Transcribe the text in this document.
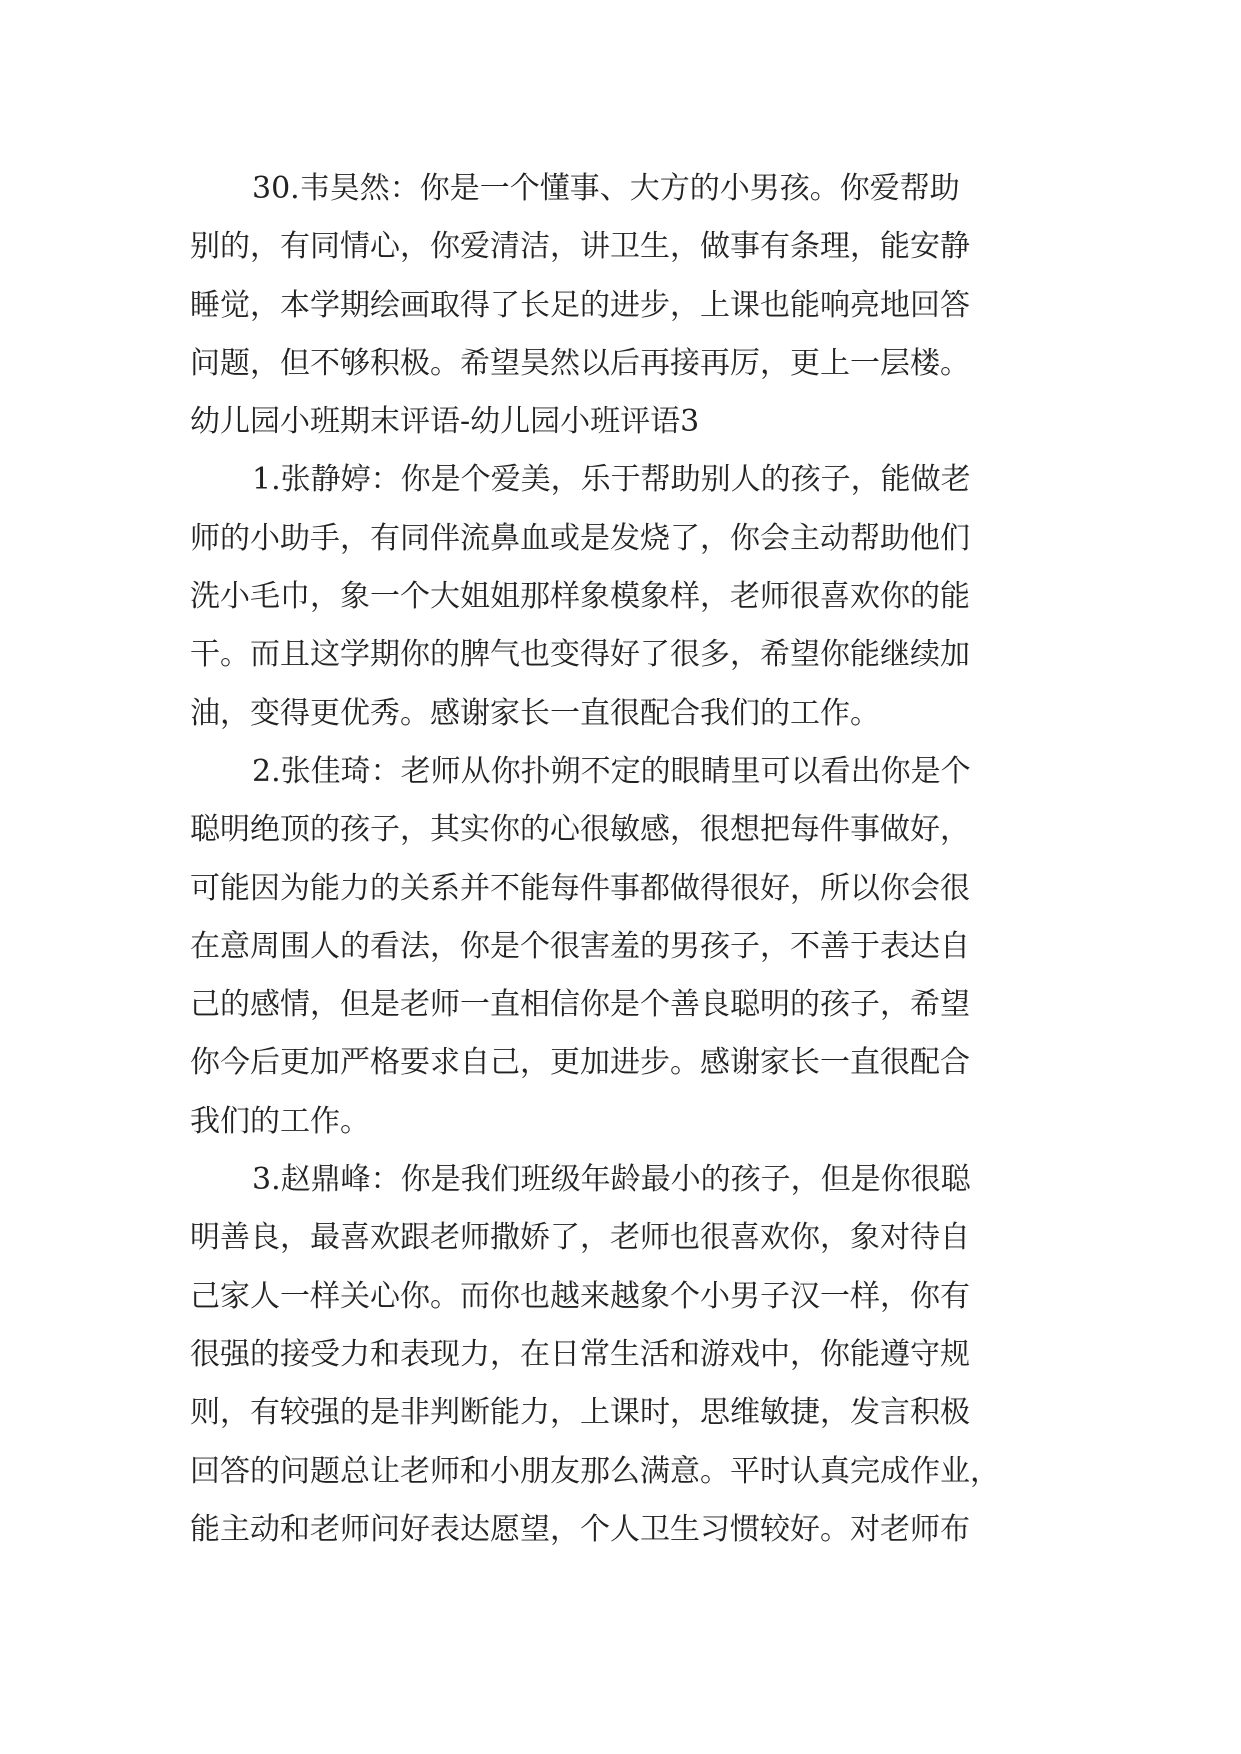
30.韦昊然：你是一个懂事、大方的小男孩。你爱帮助
别的，有同情心，你爱清洁，讲卫生，做事有条理，能安静
睡觉，本学期绘画取得了长足的进步，上课也能响亮地回答
问题，但不够积极。希望昊然以后再接再厉，更上一层楼。
幼儿园小班期末评语-幼儿园小班评语3
1.张静婷：你是个爱美，乐于帮助别人的孩子，能做老
师的小助手，有同伴流鼻血或是发烧了，你会主动帮助他们
洗小毛巾，象一个大姐姐那样象模象样，老师很喜欢你的能
干。而且这学期你的脾气也变得好了很多，希望你能继续加
油，变得更优秀。感谢家长一直很配合我们的工作。
2.张佳琦：老师从你扑朔不定的眼睛里可以看出你是个
聪明绝顶的孩子，其实你的心很敏感，很想把每件事做好，
可能因为能力的关系并不能每件事都做得很好，所以你会很
在意周围人的看法，你是个很害羞的男孩子，不善于表达自
己的感情，但是老师一直相信你是个善良聪明的孩子，希望
你今后更加严格要求自己，更加进步。感谢家长一直很配合
我们的工作。
3.赵鼎峰：你是我们班级年龄最小的孩子，但是你很聪
明善良，最喜欢跟老师撒娇了，老师也很喜欢你，象对待自
己家人一样关心你。而你也越来越象个小男子汉一样，你有
很强的接受力和表现力，在日常生活和游戏中，你能遵守规
则，有较强的是非判断能力，上课时，思维敏捷，发言积极
回答的问题总让老师和小朋友那么满意。平时认真完成作业，
能主动和老师问好表达愿望，个人卫生习惯较好。对老师布
